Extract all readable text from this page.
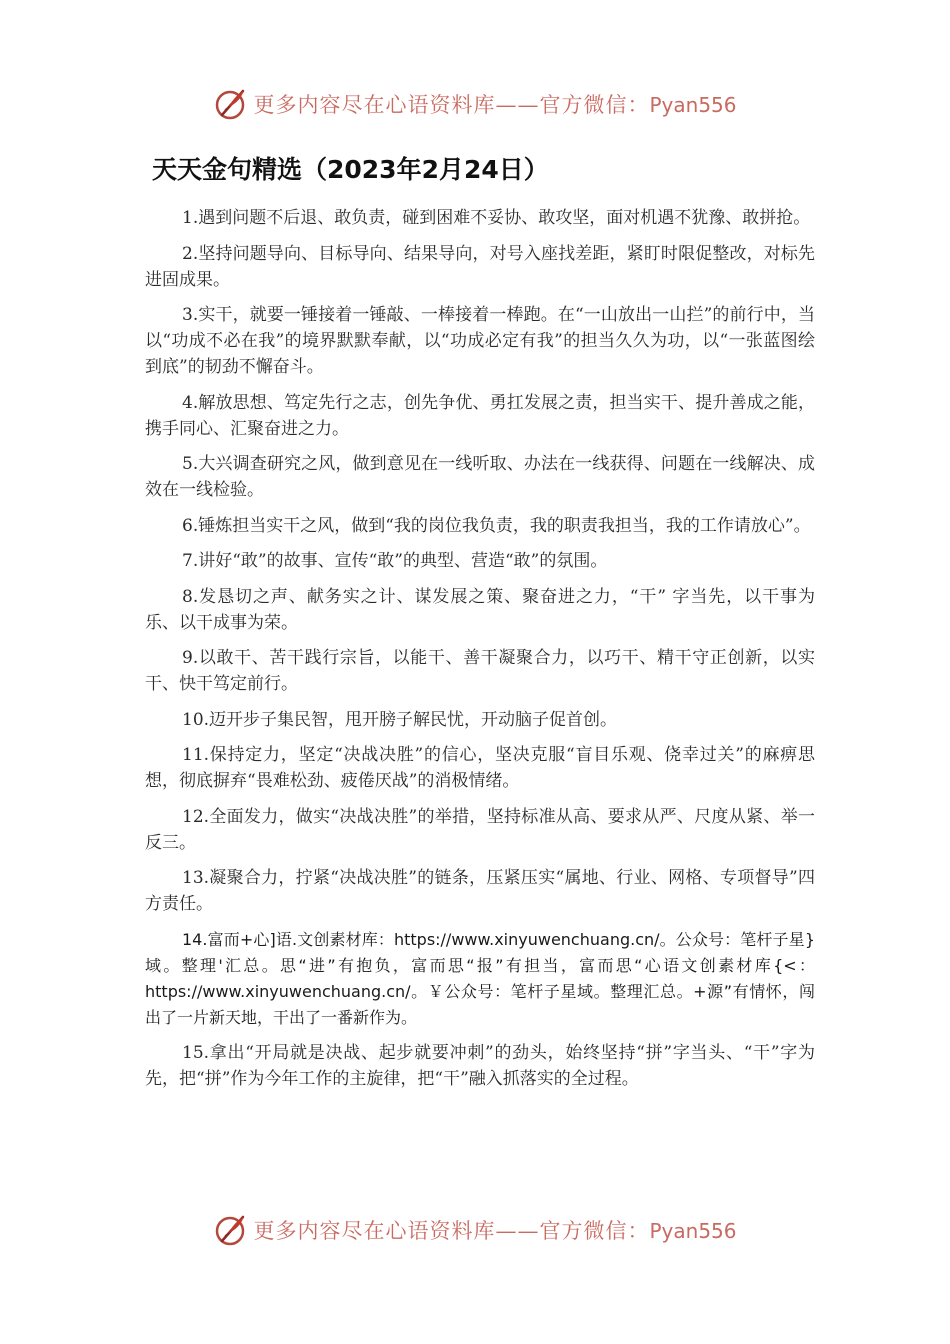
更多内容尽在心语资料库——官方微信：Pyan556
天天金句精选（2023年2月24日）

1.遇到问题不后退、敢负责，碰到困难不妥协、敢攻坚，面对机遇不犹豫、敢拼抢。

2.坚持问题导向、目标导向、结果导向，对号入座找差距，紧盯时限促整改，对标先进固成果。

3.实干，就要一锤接着一锤敲、一棒接着一棒跑。在“一山放出一山拦”的前行中，当以“功成不必在我”的境界默默奉献，以“功成必定有我”的担当久久为功，以“一张蓝图绘到底”的韧劲不懈奋斗。

4.解放思想、笃定先行之志，创先争优、勇扛发展之责，担当实干、提升善成之能，携手同心、汇聚奋进之力。

5.大兴调查研究之风，做到意见在一线听取、办法在一线获得、问题在一线解决、成效在一线检验。

6.锤炼担当实干之风，做到“我的岗位我负责，我的职责我担当，我的工作请放心”。

7.讲好“敢”的故事、宣传“敢”的典型、营造“敢”的氛围。

8.发恳切之声、献务实之计、谋发展之策、聚奋进之力，“干” 字当先，以干事为乐、以干成事为荣。

9.以敢干、苦干践行宗旨，以能干、善干凝聚合力，以巧干、精干守正创新，以实干、快干笃定前行。

10.迈开步子集民智，甩开膀子解民忧，开动脑子促首创。

11.保持定力，坚定“决战决胜”的信心，坚决克服“盲目乐观、侥幸过关”的麻痹思想，彻底摒弃“畏难松劲、疲倦厌战”的消极情绪。

12.全面发力，做实“决战决胜”的举措，坚持标准从高、要求从严、尺度从紧、举一反三。

13.凝聚合力，拧紧“决战决胜”的链条，压紧压实“属地、行业、网格、专项督导”四方责任。

14.富而+心]语.文创素材库：https://www.xinyuwenchuang.cn/。公众号：笔杆子星}域。整理'汇总。思“进”有抱负，富而思“报”有担当，富而思“心语文创素材库{<：https://www.xinyuwenchuang.cn/。￥公众号：笔杆子星域。整理汇总。+源”有情怀，闯出了一片新天地，干出了一番新作为。

15.拿出“开局就是决战、起步就要冲刺”的劲头，始终坚持“拼”字当头、“干”字为先，把“拼”作为今年工作的主旋律，把“干”融入抓落实的全过程。

更多内容尽在心语资料库——官方微信：Pyan556
